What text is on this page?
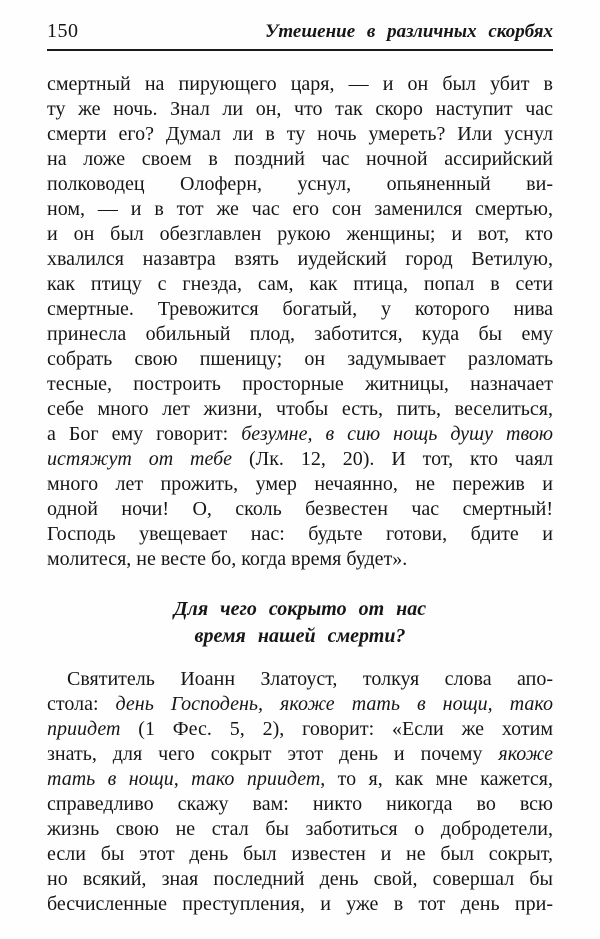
150	Утешение в различных скорбях
смертный на пирующего царя, — и он был убит в
ту же ночь. Знал ли он, что так скоро наступит час
смерти его? Думал ли в ту ночь умереть? Или уснул
на ложе своем в поздний час ночной ассирийский
полководец Олоферн, уснул, опьяненный ви-
ном, — и в тот же час его сон заменился смертью,
и он был обезглавлен рукою женщины; и вот, кто
хвалился назавтра взять иудейский город Ветилую,
как птицу с гнезда, сам, как птица, попал в сети
смертные. Тревожится богатый, у которого нива
принесла обильный плод, заботится, куда бы ему
собрать свою пшеницу; он задумывает разломать
тесные, построить просторные житницы, назначает
себе много лет жизни, чтобы есть, пить, веселиться,
а Бог ему говорит: безумне, в сию нощь душу твою
истяжут от тебе (Лк. 12, 20). И тот, кто чаял
много лет прожить, умер нечаянно, не пережив и
одной ночи! О, сколь безвестен час смертный!
Господь увещевает нас: будьте готови, бдите и
молитеся, не весте бо, когда время будет».
Для чего сокрыто от нас
время нашей смерти?
Святитель Иоанн Златоуст, толкуя слова апо-
стола: день Господень, якоже тать в нощи, тако
приидет (1 Фес. 5, 2), говорит: «Если же хотим
знать, для чего сокрыт этот день и почему якоже
тать в нощи, тако приидет, то я, как мне кажется,
справедливо скажу вам: никто никогда во всю
жизнь свою не стал бы заботиться о добродетели,
если бы этот день был известен и не был сокрыт,
но всякий, зная последний день свой, совершал бы
бесчисленные преступления, и уже в тот день при-
